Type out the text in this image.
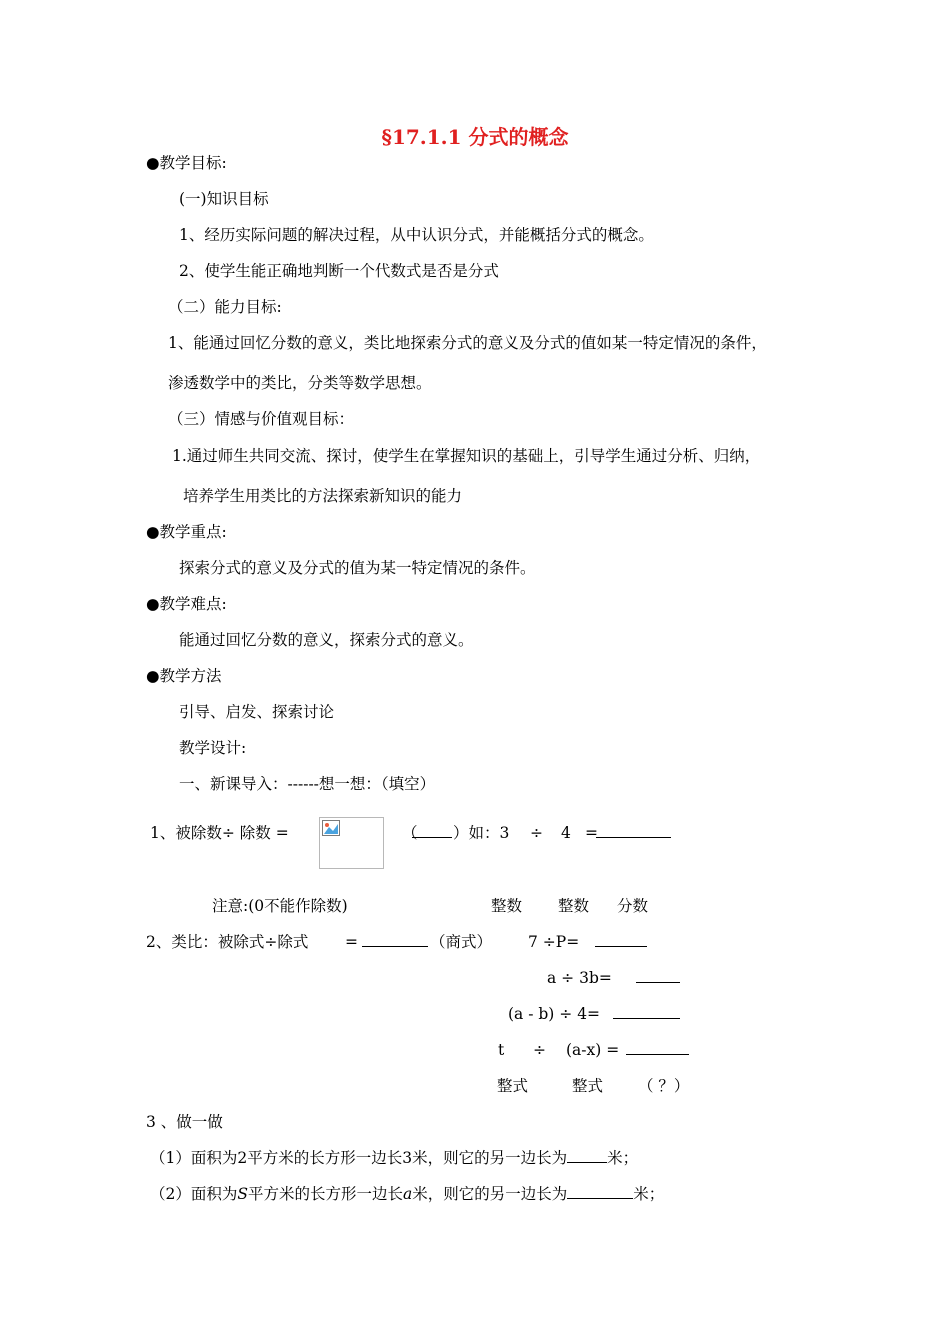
§17.1.1 分式的概念
●教学目标:
(一)知识目标
1、经历实际问题的解决过程，从中认识分式，并能概括分式的概念。
2、使学生能正确地判断一个代数式是否是分式
（二）能力目标:
1、能通过回忆分数的意义，类比地探索分式的意义及分式的值如某一特定情况的条件，
渗透数学中的类比，分类等数学思想。
（三）情感与价值观目标：
1.通过师生共同交流、探讨，使学生在掌握知识的基础上，引导学生通过分析、归纳，
培养学生用类比的方法探索新知识的能力
●教学重点:
探索分式的意义及分式的值为某一特定情况的条件。
●教学难点:
能通过回忆分数的意义，探索分式的意义。
●教学方法
引导、启发、探索讨论
教学设计:
一、新课导入：------想一想：（填空）
1、被除数÷ 除数 =	（ ）如：3 ÷ 4 =
注意:(0不能作除数)	整数 整数 分数
2、类比：被除式÷除式 =	（商式） 7 ÷P=
a ÷ 3b=
(a - b) ÷ 4=
t ÷ (a-x) =
整式	整式 （ ？）
3 、做一做
（1）面积为2平方米的长方形一边长3米，则它的另一边长为	米；
（2）面积为S平方米的长方形一边长a米，则它的另一边长为	米；
